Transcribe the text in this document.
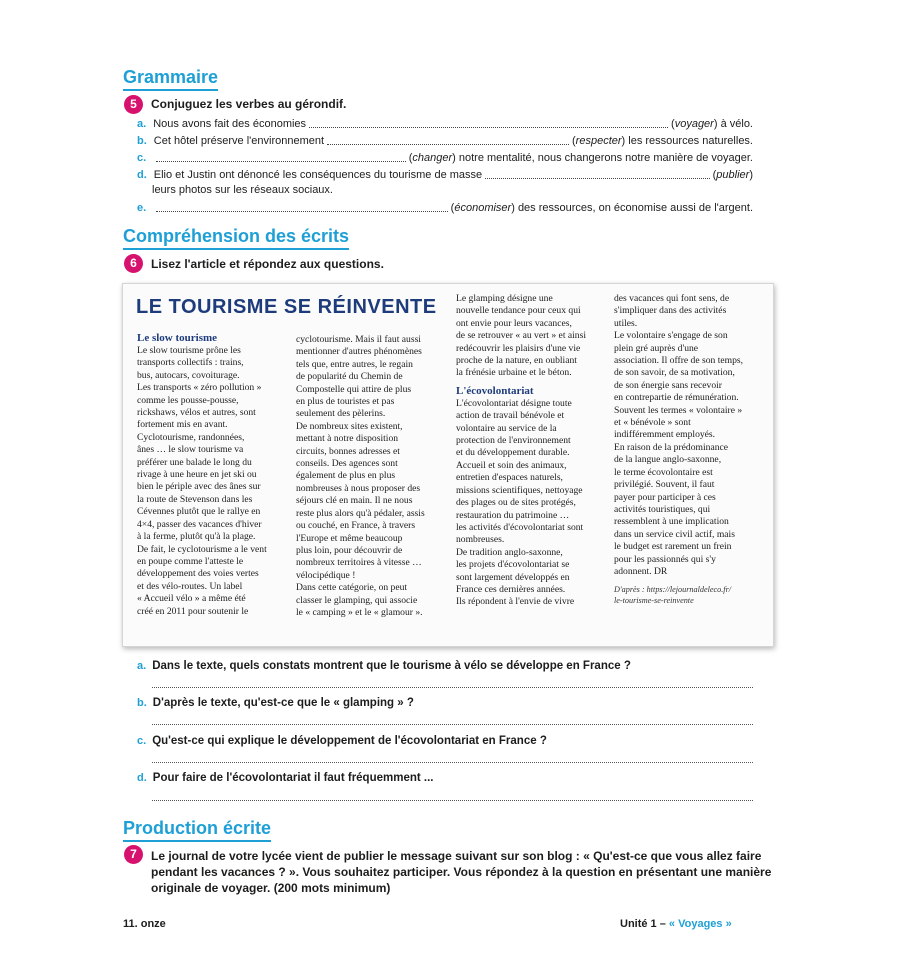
Grammaire
5	Conjuguez les verbes au gérondif.
a. Nous avons fait des économies	( voyager ) à vélo.
b. Cet hôtel préserve l'environnement	( respecter ) les ressources naturelles.
c.	( changer ) notre mentalité, nous changerons notre manière de voyager.
d. Elio et Justin ont dénoncé les conséquences du tourisme de masse	( publier )
leurs photos sur les réseaux sociaux.
e.	( économiser ) des ressources, on économise aussi de l'argent.
Compréhension des écrits
6	Lisez l'article et répondez aux questions.
LE TOURISME SE RÉINVENTE
Le slow tourisme
Le slow tourisme prône les
transports collectifs : trains,
bus, autocars, covoiturage.
Les transports « zéro pollution »
comme les pousse-pousse,
rickshaws, vélos et autres, sont
fortement mis en avant.
Cyclotourisme, randonnées,
ânes … le slow tourisme va
préférer une balade le long du
rivage à une heure en jet ski ou
bien le périple avec des ânes sur
la route de Stevenson dans les
Cévennes plutôt que le rallye en
4×4, passer des vacances d'hiver
à la ferme, plutôt qu'à la plage.
De fait, le cyclotourisme a le vent
en poupe comme l'atteste le
développement des voies vertes
et des vélo-routes. Un label
« Accueil vélo » a même été
créé en 2011 pour soutenir le
cyclotourisme. Mais il faut aussi
mentionner d'autres phénomènes
tels que, entre autres, le regain
de popularité du Chemin de
Compostelle qui attire de plus
en plus de touristes et pas
seulement des pèlerins.
De nombreux sites existent,
mettant à notre disposition
circuits, bonnes adresses et
conseils. Des agences sont
également de plus en plus
nombreuses à nous proposer des
séjours clé en main. Il ne nous
reste plus alors qu'à pédaler, assis
ou couché, en France, à travers
l'Europe et même beaucoup
plus loin, pour découvrir de
nombreux territoires à vitesse …
vélocipédique !
Dans cette catégorie, on peut
classer le glamping, qui associe
le « camping » et le « glamour ».
Le glamping désigne une
nouvelle tendance pour ceux qui
ont envie pour leurs vacances,
de se retrouver « au vert » et ainsi
redécouvrir les plaisirs d'une vie
proche de la nature, en oubliant
la frénésie urbaine et le béton.
L'écovolontariat
L'écovolontariat désigne toute
action de travail bénévole et
volontaire au service de la
protection de l'environnement
et du développement durable.
Accueil et soin des animaux,
entretien d'espaces naturels,
missions scientifiques, nettoyage
des plages ou de sites protégés,
restauration du patrimoine …
les activités d'écovolontariat sont
nombreuses.
De tradition anglo-saxonne,
les projets d'écovolontariat se
sont largement développés en
France ces dernières années.
Ils répondent à l'envie de vivre
des vacances qui font sens, de
s'impliquer dans des activités
utiles.
Le volontaire s'engage de son
plein gré auprès d'une
association. Il offre de son temps,
de son savoir, de sa motivation,
de son énergie sans recevoir
en contrepartie de rémunération.
Souvent les termes « volontaire »
et « bénévole » sont
indifféremment employés.
En raison de la prédominance
de la langue anglo-saxonne,
le terme écovolontaire est
privilégié. Souvent, il faut
payer pour participer à ces
activités touristiques, qui
ressemblent à une implication
dans un service civil actif, mais
le budget est rarement un frein
pour les passionnés qui s'y
adonnent. DR
D'après : https://lejournaldeleco.fr/
le-tourisme-se-reinvente
a. Dans le texte, quels constats montrent que le tourisme à vélo se développe en France ?
b. D'après le texte, qu'est-ce que le « glamping » ?
c. Qu'est-ce qui explique le développement de l'écovolontariat en France ?
d. Pour faire de l'écovolontariat il faut fréquemment ...
Production écrite
7	Le journal de votre lycée vient de publier le message suivant sur son blog : « Qu'est-ce que vous allez faire
pendant les vacances ? ». Vous souhaitez participer. Vous répondez à la question en présentant une manière
originale de voyager. (200 mots minimum)
11. onze	Unité 1 – « Voyages »
